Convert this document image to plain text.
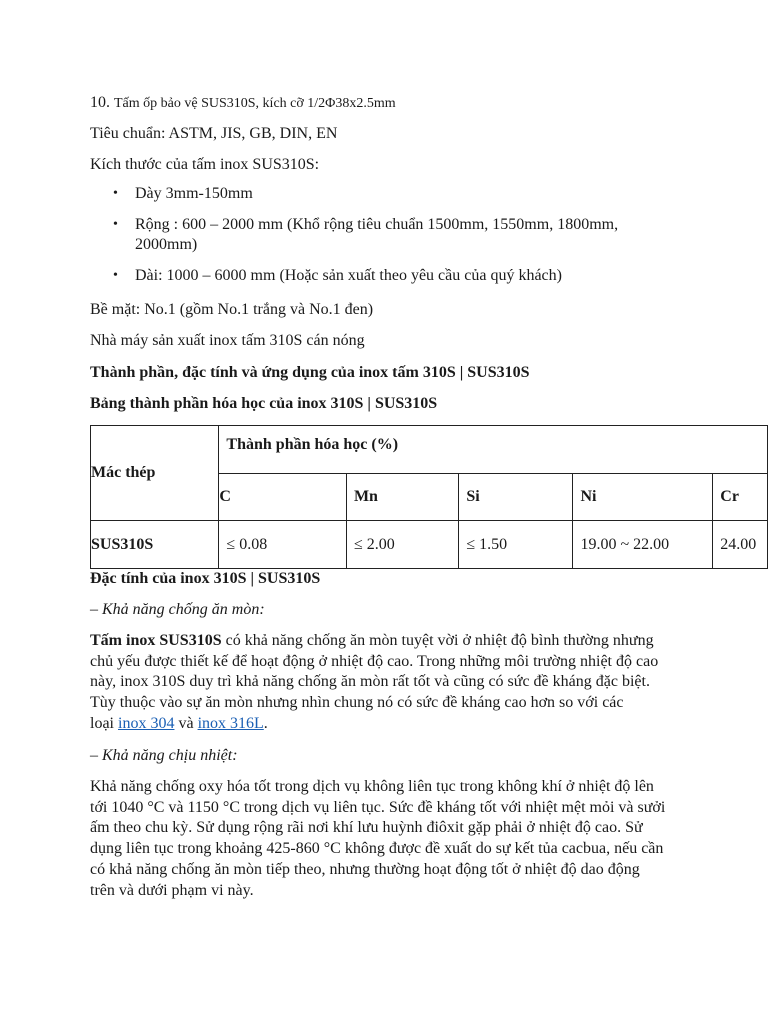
10. Tấm ốp bảo vệ SUS310S, kích cỡ 1/2Φ38x2.5mm

Tiêu chuẩn: ASTM, JIS, GB, DIN, EN

Kích thước của tấm inox SUS310S:

• Dày 3mm-150mm
• Rộng : 600 – 2000 mm (Khổ rộng tiêu chuẩn 1500mm, 1550mm, 1800mm, 2000mm)
• Dài: 1000 – 6000 mm (Hoặc sản xuất theo yêu cầu của quý khách)

Bề mặt: No.1 (gồm No.1 trắng và No.1 đen)

Nhà máy sản xuất inox tấm 310S cán nóng

Thành phần, đặc tính và ứng dụng của inox tấm 310S | SUS310S

Bảng thành phần hóa học của inox 310S | SUS310S

Mác thép	Thành phần hóa học (%)				
	C	Mn	Si	Ni	Cr
SUS310S	≤ 0.08	≤ 2.00	≤ 1.50	19.00 ~ 22.00	24.00

Đặc tính của inox 310S | SUS310S

– Khả năng chống ăn mòn:

Tấm inox SUS310S có khả năng chống ăn mòn tuyệt vời ở nhiệt độ bình thường nhưng
chủ yếu được thiết kế để hoạt động ở nhiệt độ cao. Trong những môi trường nhiệt độ cao
này, inox 310S duy trì khả năng chống ăn mòn rất tốt và cũng có sức đề kháng đặc biệt.
Tùy thuộc vào sự ăn mòn nhưng nhìn chung nó có sức đề kháng cao hơn so với các
loại inox 304 và inox 316L.

– Khả năng chịu nhiệt:

Khả năng chống oxy hóa tốt trong dịch vụ không liên tục trong không khí ở nhiệt độ lên
tới 1040 °C và 1150 °C trong dịch vụ liên tục. Sức đề kháng tốt với nhiệt mệt mỏi và sưởi
ấm theo chu kỳ. Sử dụng rộng rãi nơi khí lưu huỳnh điôxit gặp phải ở nhiệt độ cao. Sử
dụng liên tục trong khoảng 425-860 °C không được đề xuất do sự kết tủa cacbua, nếu cần
có khả năng chống ăn mòn tiếp theo, nhưng thường hoạt động tốt ở nhiệt độ dao động
trên và dưới phạm vi này.
